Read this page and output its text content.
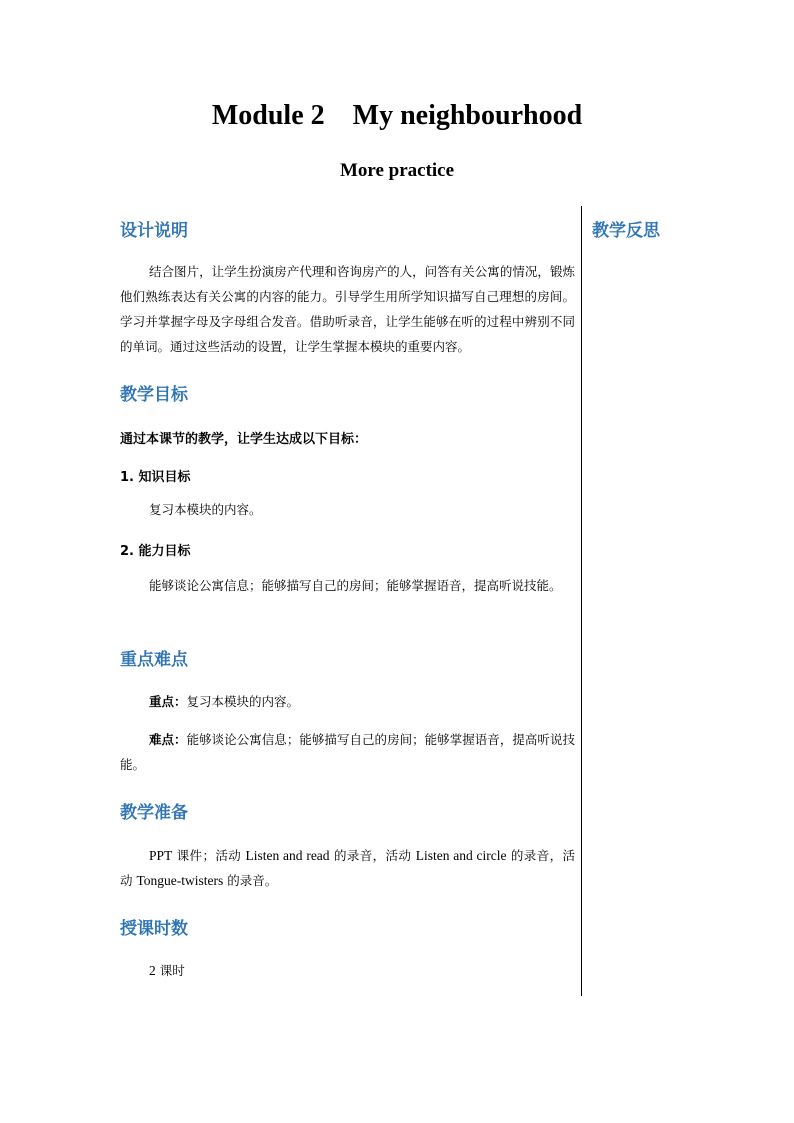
Module 2    My neighbourhood
More practice
教学反思
设计说明
结合图片，让学生扮演房产代理和咨询房产的人，问答有关公寓的情况，锻炼他们熟练表达有关公寓的内容的能力。引导学生用所学知识描写自己理想的房间。学习并掌握字母及字母组合发音。借助听录音，让学生能够在听的过程中辨别不同的单词。通过这些活动的设置，让学生掌握本模块的重要内容。
教学目标
通过本课节的教学，让学生达成以下目标：
1. 知识目标
复习本模块的内容。
2. 能力目标
能够谈论公寓信息；能够描写自己的房间；能够掌握语音，提高听说技能。
重点难点
重点：复习本模块的内容。
难点：能够谈论公寓信息；能够描写自己的房间；能够掌握语音，提高听说技能。
教学准备
PPT 课件；活动 Listen and read 的录音，活动 Listen and circle 的录音，活动 Tongue-twisters 的录音。
授课时数
2 课时
